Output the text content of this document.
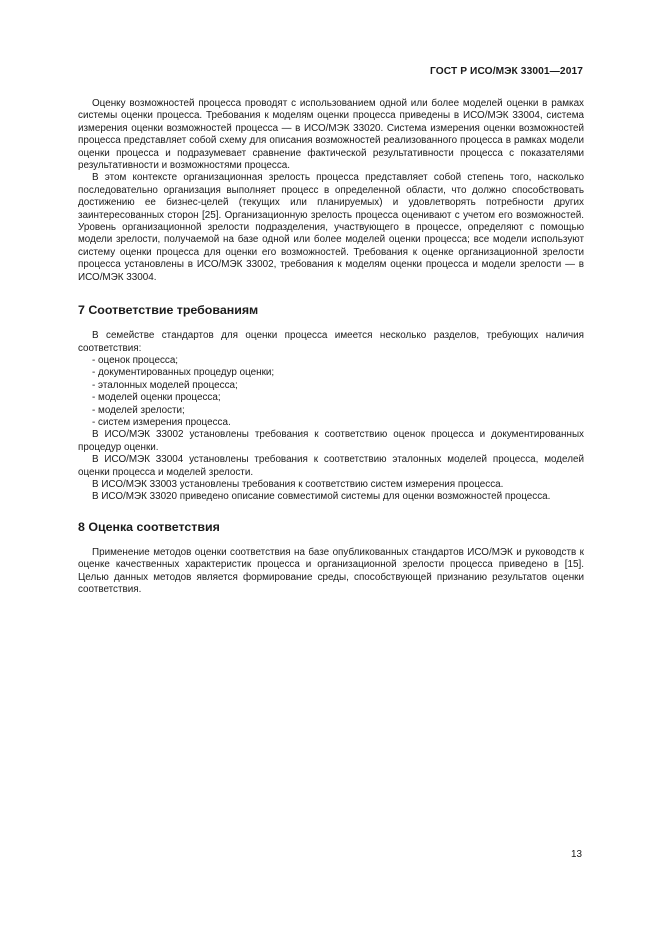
ГОСТ Р ИСО/МЭК 33001—2017

Оценку возможностей процесса проводят с использованием одной или более моделей оценки в рамках системы оценки процесса. Требования к моделям оценки процесса приведены в ИСО/МЭК 33004, система измерения оценки возможностей процесса — в ИСО/МЭК 33020. Система измерения оценки возможностей процесса представляет собой схему для описания возможностей реализованного процесса в рамках модели оценки процесса и подразумевает сравнение фактической результативности процесса с показателями результативности и возможностями процесса.

В этом контексте организационная зрелость процесса представляет собой степень того, насколько последовательно организация выполняет процесс в определенной области, что должно способствовать достижению ее бизнес-целей (текущих или планируемых) и удовлетворять потребности других заинтересованных сторон [25]. Организационную зрелость процесса оценивают с учетом его возможностей. Уровень организационной зрелости подразделения, участвующего в процессе, определяют с помощью модели зрелости, получаемой на базе одной или более моделей оценки процесса; все модели используют систему оценки процесса для оценки его возможностей. Требования к оценке организационной зрелости процесса установлены в ИСО/МЭК 33002, требования к моделям оценки процесса и модели зрелости — в ИСО/МЭК 33004.

7 Соответствие требованиям

В семействе стандартов для оценки процесса имеется несколько разделов, требующих наличия соответствия:

- оценок процесса;
- документированных процедур оценки;
- эталонных моделей процесса;
- моделей оценки процесса;
- моделей зрелости;
- систем измерения процесса.

В ИСО/МЭК 33002 установлены требования к соответствию оценок процесса и документированных процедур оценки.

В ИСО/МЭК 33004 установлены требования к соответствию эталонных моделей процесса, моделей оценки процесса и моделей зрелости.

В ИСО/МЭК 33003 установлены требования к соответствию систем измерения процесса.

В ИСО/МЭК 33020 приведено описание совместимой системы для оценки возможностей процесса.

8 Оценка соответствия

Применение методов оценки соответствия на базе опубликованных стандартов ИСО/МЭК и руководств к оценке качественных характеристик процесса и организационной зрелости процесса приведено в [15]. Целью данных методов является формирование среды, способствующей признанию результатов оценки соответствия.

13
